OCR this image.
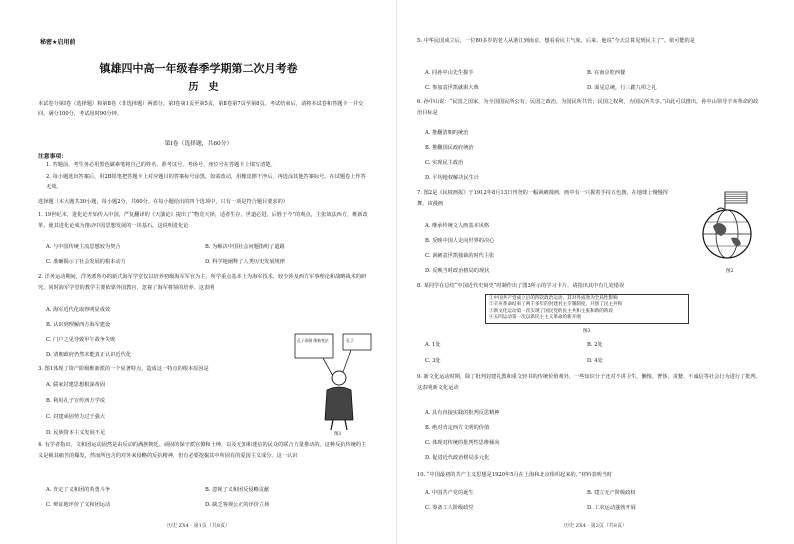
秘密★启用前
镇雄四中高一年级春季学期第二次月考卷
历史
本试卷分第Ⅰ卷（选择题）和第Ⅱ卷（非选择题）两部分。第Ⅰ卷第1页至第5页，第Ⅱ卷第7页至第8页。考试结束后，请将本试卷和答题卡一并交回。满分100分，考试用时90分钟。
第Ⅰ卷（选择题，共60分）
注意事项：
1. 答题前，考生务必用黑色碳素笔将自己的姓名、准考证号、考场号、座位号在答题卡上填写清楚。
2. 每小题选出答案后，用2B铅笔把答题卡上对应题目的答案标号涂黑。如需改动，用橡皮擦干净后，再选涂其他答案标号。在试题卷上作答无效。
选择题（本大题共30小题，每小题2分，共60分。在每小题给出的四个选项中，只有一项是符合题目要求的）
1. 19世纪末，进化论开始传入中国，严复翻译的《天演论》提出了“物竞天择，适者生存，世道必进，后胜于今”的观点，主张效法西方，维新改革，使其进化论成为推动中国思想发展的一块基石。这说明进化论
A. 与中国传统主流思想较为契合	B. 为解决中国社会问题指明了道路
C. 准确揭示了社会发展的根本动力	D. 科学地阐释了人类历史发展规律
2. 洋务运动期间，洋务派所办的新式海军学堂仅以培养初级海军军官为主，所学重点基本上为海军技术，较少涉及西方军事理论和战略战术的研究。同时海军学堂的教学主要依靠外国教官，忽视了海军将领的培养。这表明
A. 海军近代化取得明显成效
B. 认识到理解西方海军建设
C. 门户之见导致甲午战争失败
D. 清朝政府仍然未能真正认识近代化
3. 图1体现了资产阶级维新派的一个显著特点，造成这一特点的根本原因是
A. 儒家封建思想根深蒂固
B. 利用孔子宣传西方学说
C. 封建顽固势力过于强大
D. 民族资本主义发展不足
孔子改制 维新变法	孔子
图1
4. 有学者指出，文和团运动固然是由反动的满族朝廷、顽固的保守派官僚和士绅，以及无知和迷信的民众的联合力量推动的。这种反抗传统的主义是极其痛苦的爆发，然而所包含的对外来侵略的反抗精神，但有必要挖掘其中所固有的爱国主义成分。这一认识
A. 肯定了义和团的英勇斗争	B. 忽视了义和团反侵略贡献
C. 辩证地评价了义和团运动	D. 缺乏客观公正的评价立场
历史 ZX4 · 第1页（共8页）
5. 中华民国成立后，一位80多岁的老人从浙江到南京，想看看民主气象，后来，他说“今天总算见到民主了”。依可能的是
A. 同孙中山先生握手	B. 在南京吃西餐
C. 参加袁世凯就职大典	D. 面见总统，行三跪九叩之礼
6. 孙中山说：“民国之国家，为全国国民所公有；民国之政治，为国民所共管；民国之权利，为国民所共享。”由此可以推出，孙中山领导辛亥革命的政治目标是
A. 推翻清朝的统治
B. 推翻国民政府统治
C. 实现民主政治
D. 平均地权解决民生计
7. 图2是《民权画报》于1912年8月13日刊登的一幅讽刺漫画，画中有一只握着手持五色旗，在地球上慢慢挥舞。该漫画
A. 继承传统文人画基本风格
B. 反映中国人走向世界的决心
C. 讽刺袁世凯独裁的时代主张
D. 反映当时政治格局的现状	图2
8. 某同学在总结“中国近代史简史”时制作出了图3所示的学习卡片，请指出其中有几处错误
①中国共产党成立后的四次政治运动，其对外成效为全局性影响
②辛亥革命结束了两千多年的封建君主专制制度，开创了民主共和
③新文化运动第一次实现了国民党的民主共和主张和新的阶段
④五四运动第一次以新民主主义革命的新开端
图3
A. 1处	B. 2处
C. 3处	D. 4处
9. 新文化运动时期，除了批判封建礼教和重文轻书的传统价值观外，一些知识分子还对不讲卫生、懒惰、奢侈、贪婪、不诚信等社会行为进行了批判。这表明新文化运动
A. 具有直接实践的批判反思精神
B. 绝对肯定西方文明的价值
C. 体现对传统的批判性思维倾向
D. 促进近代政治格局多元化
10. “中国最初的共产主义思想是1920年5月在上海和北京组织起来的。”材料表明当时
A. 中国共产党的诞生	B. 建立无产阶级政权
C. 筹备工人阶级政党	D. 工农运动蓬勃开展
历史 ZX4 · 第2页（共8页）
